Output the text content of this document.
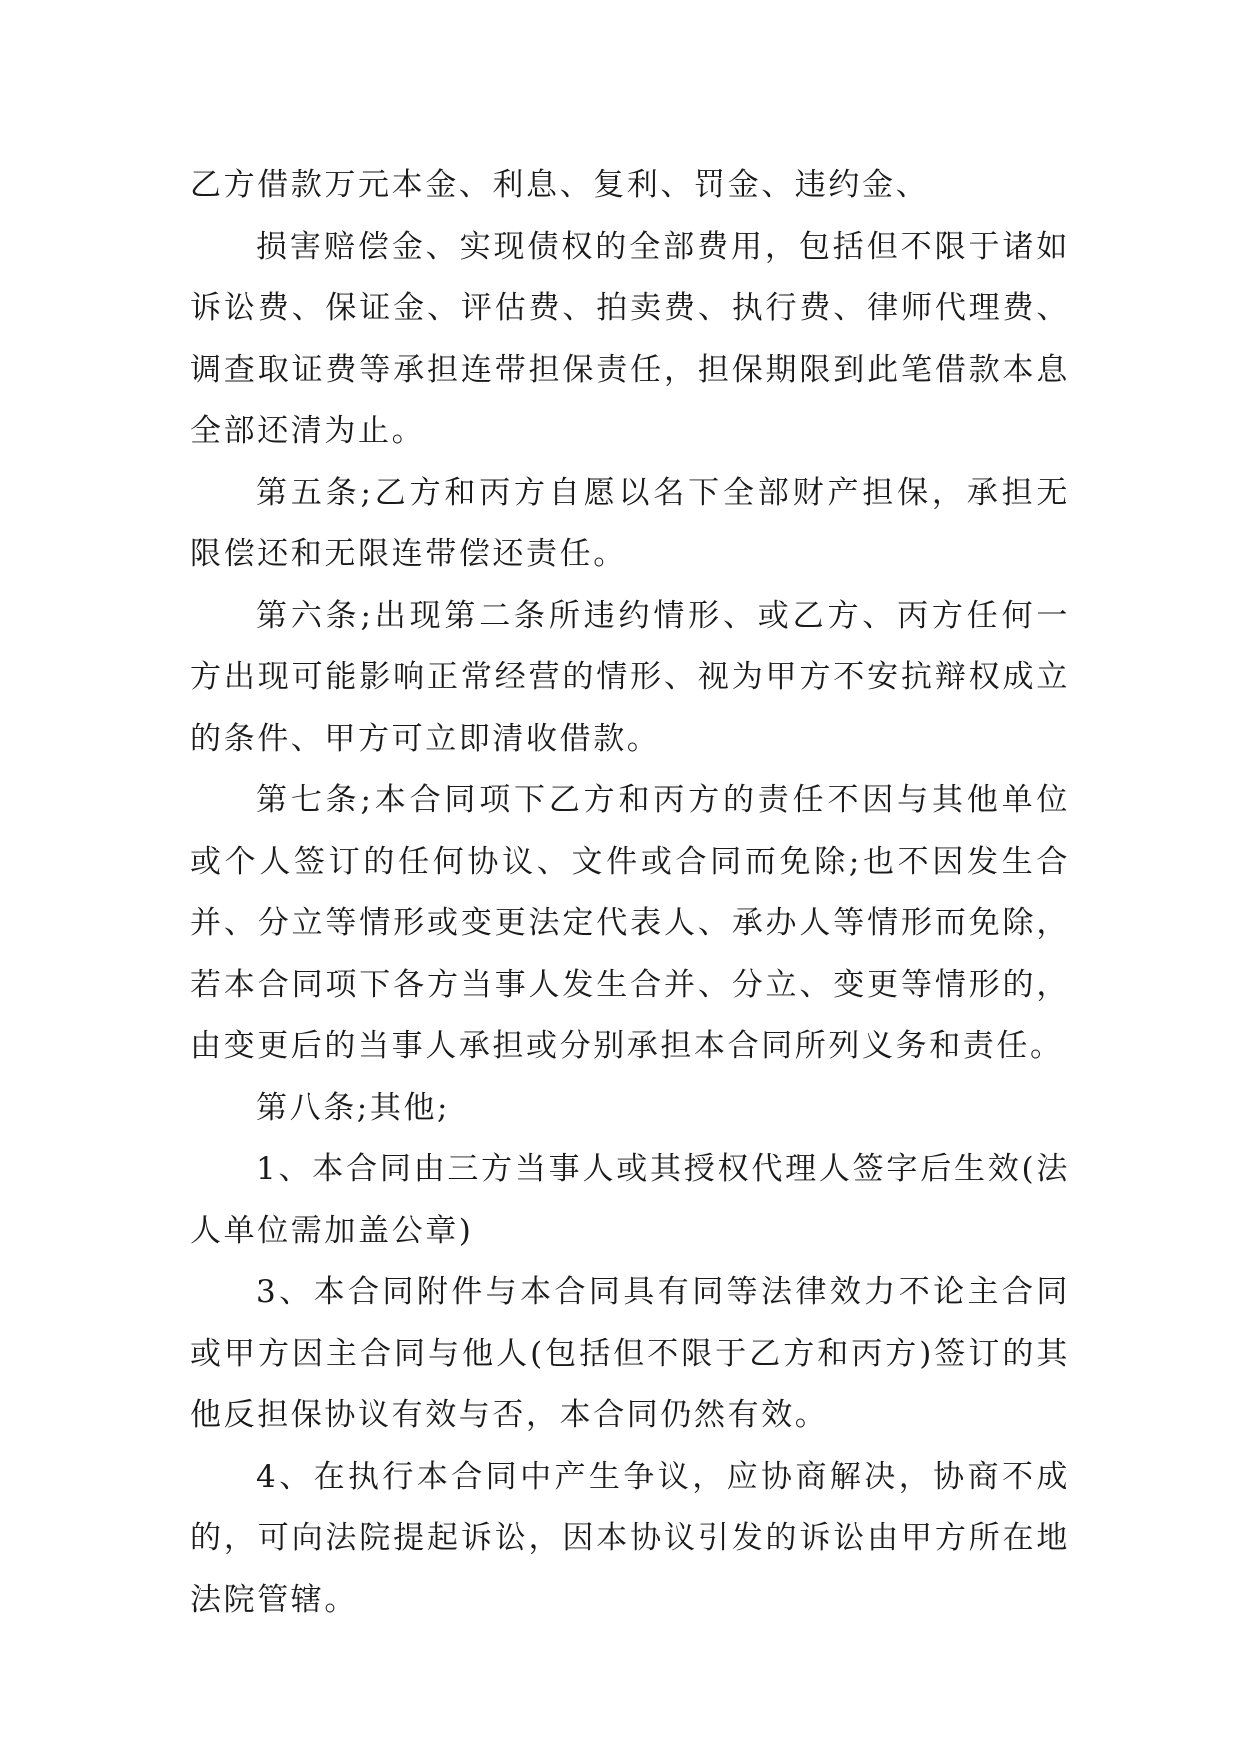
乙方借款万元本金、利息、复利、罚金、违约金、

损害赔偿金、实现债权的全部费用，包括但不限于诸如诉讼费、保证金、评估费、拍卖费、执行费、律师代理费、调查取证费等承担连带担保责任，担保期限到此笔借款本息全部还清为止。

第五条;乙方和丙方自愿以名下全部财产担保，承担无限偿还和无限连带偿还责任。

第六条;出现第二条所违约情形、或乙方、丙方任何一方出现可能影响正常经营的情形、视为甲方不安抗辩权成立的条件、甲方可立即清收借款。

第七条;本合同项下乙方和丙方的责任不因与其他单位或个人签订的任何协议、文件或合同而免除;也不因发生合并、分立等情形或变更法定代表人、承办人等情形而免除，若本合同项下各方当事人发生合并、分立、变更等情形的，由变更后的当事人承担或分别承担本合同所列义务和责任。

第八条;其他;

1、本合同由三方当事人或其授权代理人签字后生效(法人单位需加盖公章)

3、本合同附件与本合同具有同等法律效力不论主合同或甲方因主合同与他人(包括但不限于乙方和丙方)签订的其他反担保协议有效与否，本合同仍然有效。

4、在执行本合同中产生争议，应协商解决，协商不成的，可向法院提起诉讼，因本协议引发的诉讼由甲方所在地法院管辖。
